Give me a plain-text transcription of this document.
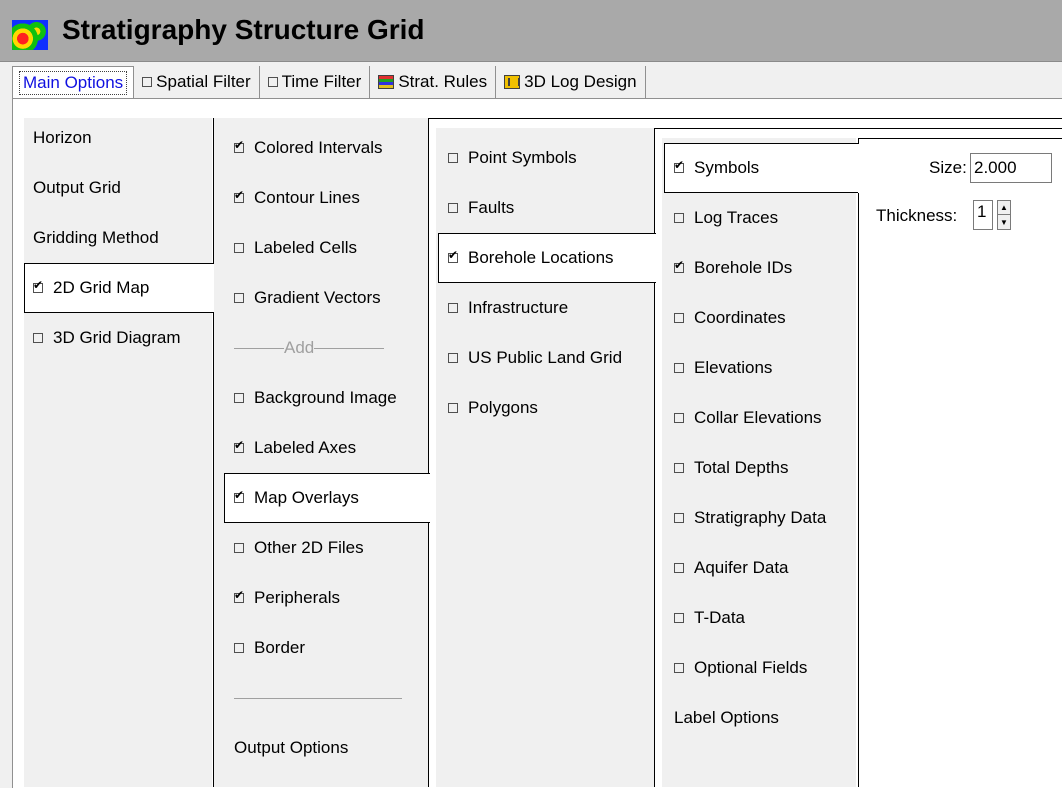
Stratigraphy Structure Grid
Main Options Spatial Filter Time Filter Strat. Rules 3D Log Design
Horizon
Output Grid
Gridding Method
✔
2D Grid Map
3D Grid Diagram
✔
Colored Intervals
✔
Contour Lines
Labeled Cells
Gradient Vectors
Add
Background Image
✔
Labeled Axes
✔
Map Overlays
Other 2D Files
✔
Peripherals
Border
Output Options
Point Symbols
Faults
✔
Borehole Locations
Infrastructure
US Public Land Grid
Polygons
✔
Symbols
Log Traces
✔
Borehole IDs
Coordinates
Elevations
Collar Elevations
Total Depths
Stratigraphy Data
Aquifer Data
T-Data
Optional Fields
Label Options
Size:
2.000
Thickness: 1	▲
▼
